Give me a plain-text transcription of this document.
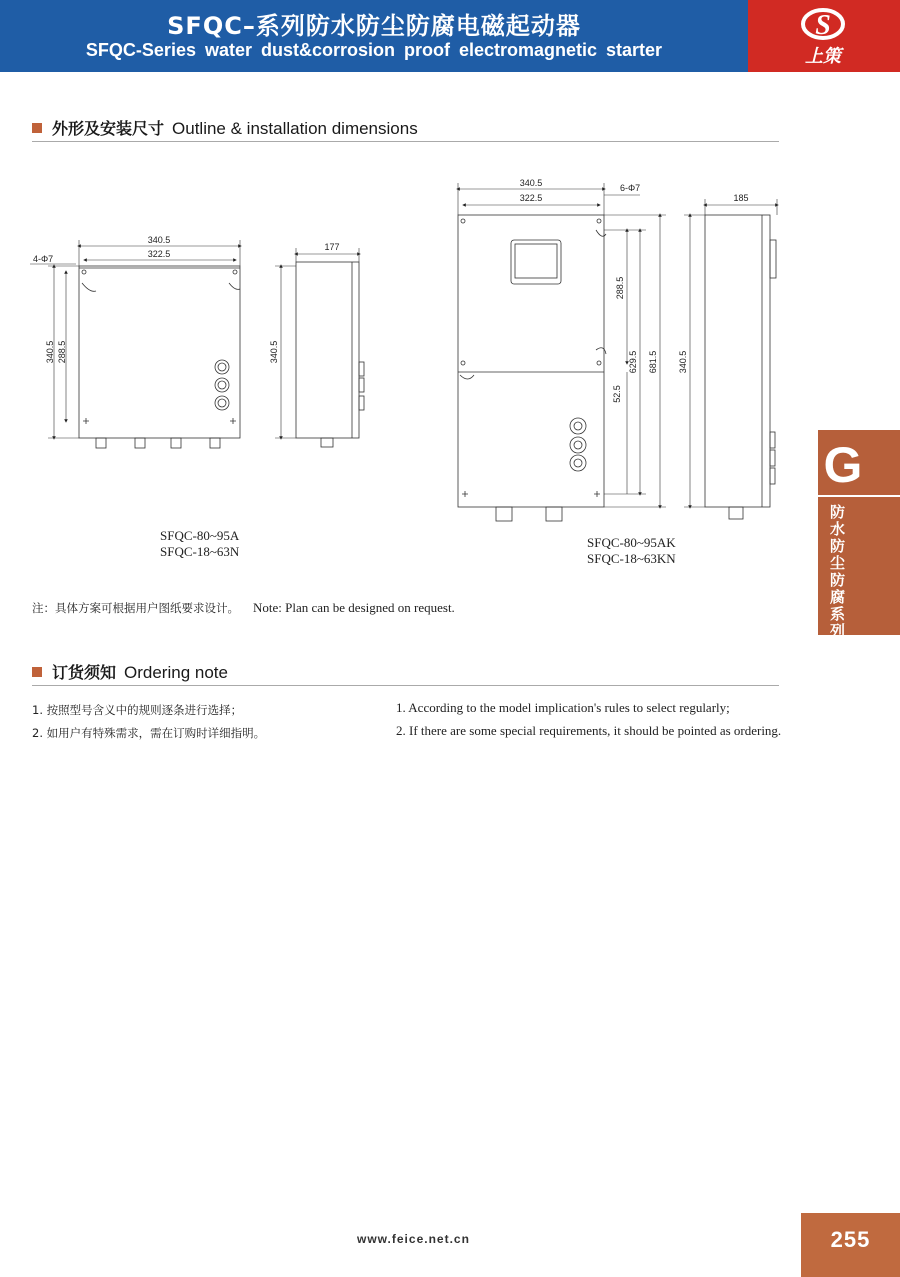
SFQC–系列防水防尘防腐电磁起动器
SFQC-Series water dust&corrosion proof electromagnetic starter
S
上策
外形及安装尺寸 Outline & installation dimensions
340.5
322.5
4-Φ7
340.5 288.5
177
340.5
340.5
322.5
6-Φ7
288.5
629.5 681.5
52.5
185
340.5
SFQC-80~95A
SFQC-18~63N
SFQC-80~95AK
SFQC-18~63KN
注：具体方案可根据用户图纸要求设计。 Note: Plan can be designed on request.
订货须知 Ordering note
1. 按照型号含义中的规则逐条进行选择；
2. 如用户有特殊需求，需在订购时详细指明。
1. According to the model implication's rules to select regularly;
2. If there are some special requirements, it should be pointed as ordering.
G
防水防尘防腐系列
www.feice.net.cn	255
